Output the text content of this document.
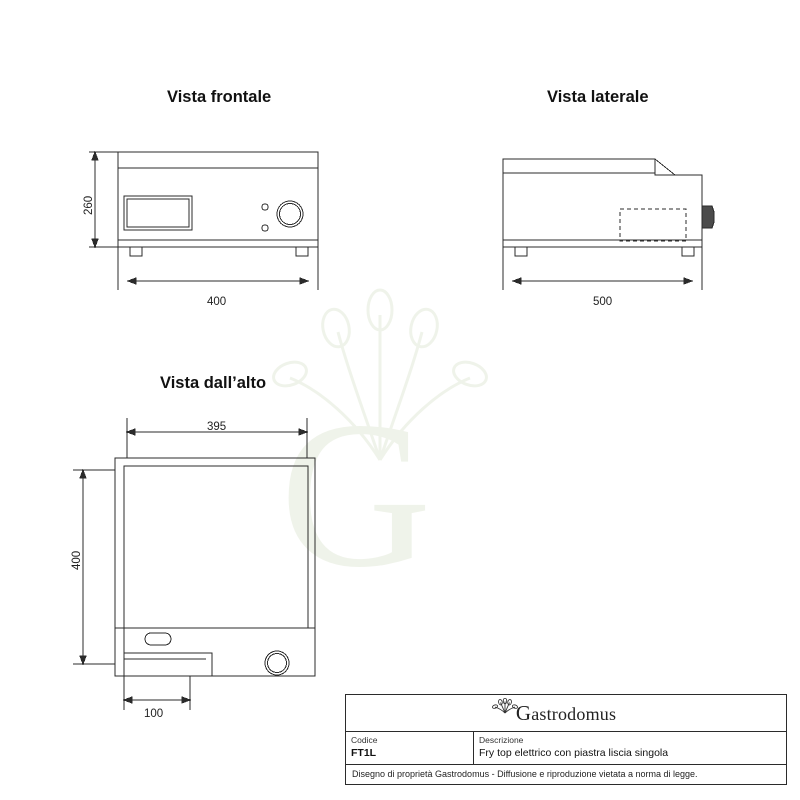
G
Vista frontale	Vista laterale
Vista dall’alto
260
400	500
395
400
100	Gastrodomus
Codice
FT1L
Descrizione
Fry top elettrico con piastra liscia singola
Disegno di proprietà Gastrodomus - Diffusione e riproduzione vietata a norma di legge.
